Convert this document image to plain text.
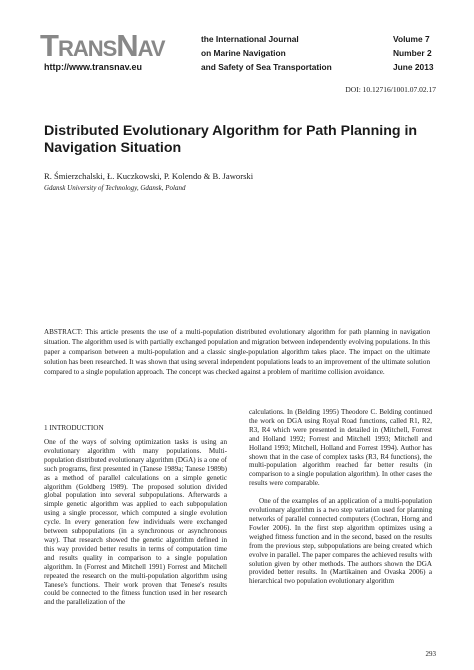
TRANSNAV
http://www.transnav.eu
the International Journal
on Marine Navigation
and Safety of Sea Transportation
Volume 7
Number 2
June 2013
DOI: 10.12716/1001.07.02.17
Distributed Evolutionary Algorithm for Path Planning in Navigation Situation
R. Śmierzchalski, Ł. Kuczkowski, P. Kolendo & B. Jaworski
Gdansk University of Technology, Gdansk, Poland
ABSTRACT: This article presents the use of a multi-population distributed evolutionary algorithm for path planning in navigation situation. The algorithm used is with partially exchanged population and migration between independently evolving populations. In this paper a comparison between a multi-population and a classic single-population algorithm takes place. The impact on the ultimate solution has been researched. It was shown that using several independent populations leads to an improvement of the ultimate solution compared to a single population approach. The concept was checked against a problem of maritime collision avoidance.
1 INTRODUCTION

One of the ways of solving optimization tasks is using an evolutionary algorithm with many populations. Multi-population distributed evolutionary algorithm (DGA) is a one of such programs, first presented in (Tanese 1989a; Tanese 1989b) as a method of parallel calculations on a simple genetic algorithm (Goldberg 1989). The proposed solution divided global population into several subpopulations. Afterwards a simple genetic algorithm was applied to each subpopulation using a single processor, which computed a single evolution cycle. In every generation few individuals were exchanged between subpopulations (in a synchronous or asynchronous way). That research showed the genetic algorithm defined in this way provided better results in terms of computation time and results quality in comparison to a single population algorithm. In (Forrest and Mitchell 1991) Forrest and Mitchell repeated the research on the multi-population algorithm using Tanese's functions. Their work proven that Tenese's results could be connected to the fitness function used in her research and the parallelization of the

calculations. In (Belding 1995) Theodore C. Belding continued the work on DGA using Royal Road functions, called R1, R2, R3, R4 which were presented in detailed in (Mitchell, Forrest and Holland 1992; Forrest and Mitchell 1993; Mitchell and Holland 1993; Mitchell, Holland and Forrest 1994). Author has shown that in the case of complex tasks (R3, R4 functions), the multi-population algorithm reached far better results (in comparison to a single population algorithm). In other cases the results were comparable.

One of the examples of an application of a multi-population evolutionary algorithm is a two step variation used for planning networks of parallel connected computers (Cochran, Horng and Fowler 2006). In the first step algorithm optimizes using a weighed fitness function and in the second, based on the results from the previous step, subpopulations are being created which evolve in parallel. The paper compares the achieved results with solution given by other methods. The authors shown the DGA provided better results. In (Martikainen and Ovaska 2006) a hierarchical two population evolutionary algorithm

293
